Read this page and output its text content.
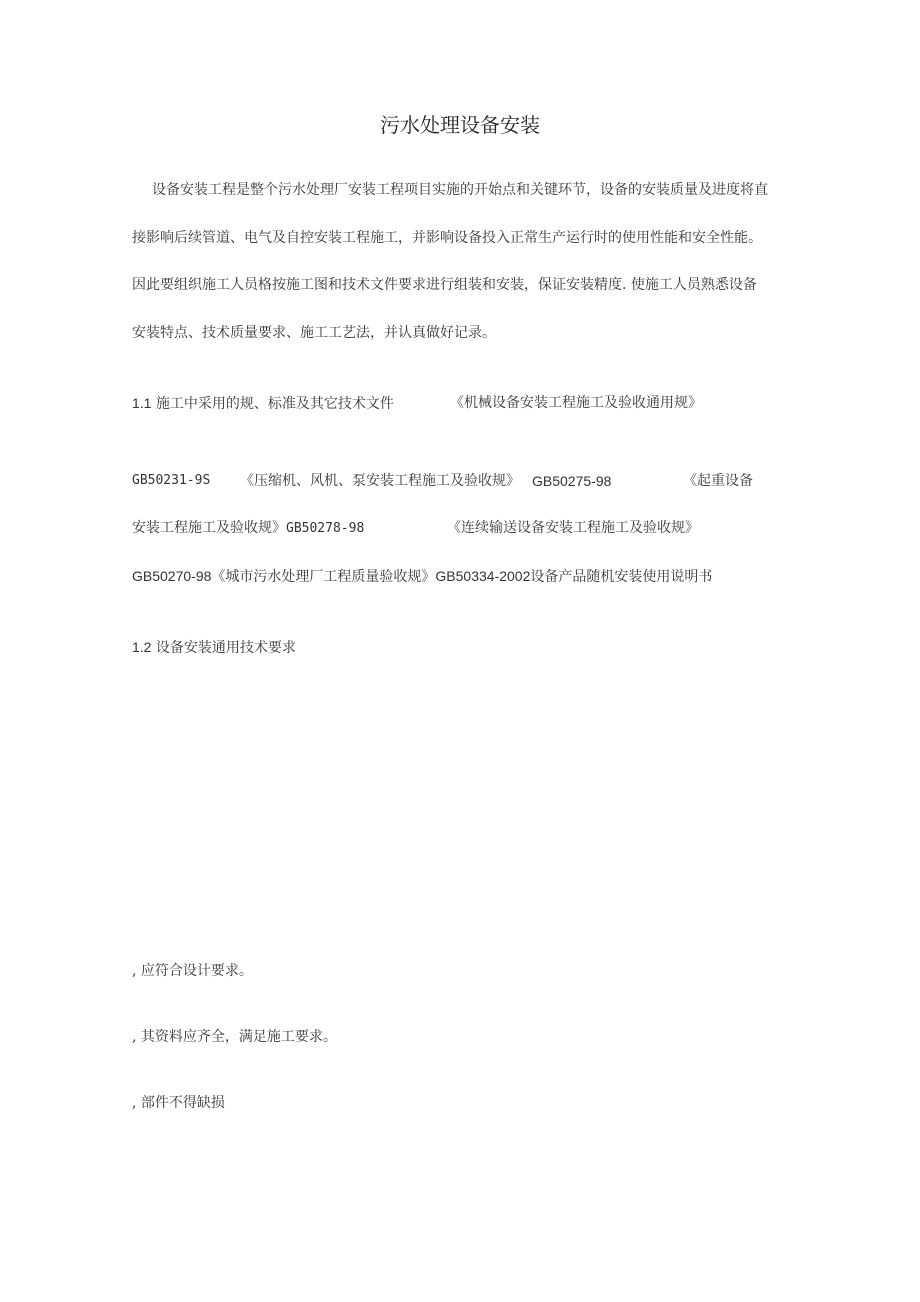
污水处理设备安装
设备安装工程是整个污水处理厂安装工程项目实施的开始点和关键环节，设备的安装质量及进度将直
接影响后续管道、电气及自控安装工程施工，并影响设备投入正常生产运行时的使用性能和安全性能。
因此要组织施工人员格按施工图和技术文件要求进行组装和安装，保证安装精度. 使施工人员熟悉设备
安装特点、技术质量要求、施工工艺法，并认真做好记录。
1.1 施工中采用的规、标准及其它技术文件	《机械设备安装工程施工及验收通用规》
GB50231-9S 《压缩机、风机、泵安装工程施工及验收规》 GB50275-98	《起重设备
安装工程施工及验收规》GB50278-98	《连续输送设备安装工程施工及验收规》
GB50270-98《城市污水处理厂工程质量验收规》GB50334-2002设备产品随机安装使用说明书
1.2 设备安装通用技术要求
, 应符合设计要求。
, 其资料应齐全，满足施工要求。
, 部件不得缺损
